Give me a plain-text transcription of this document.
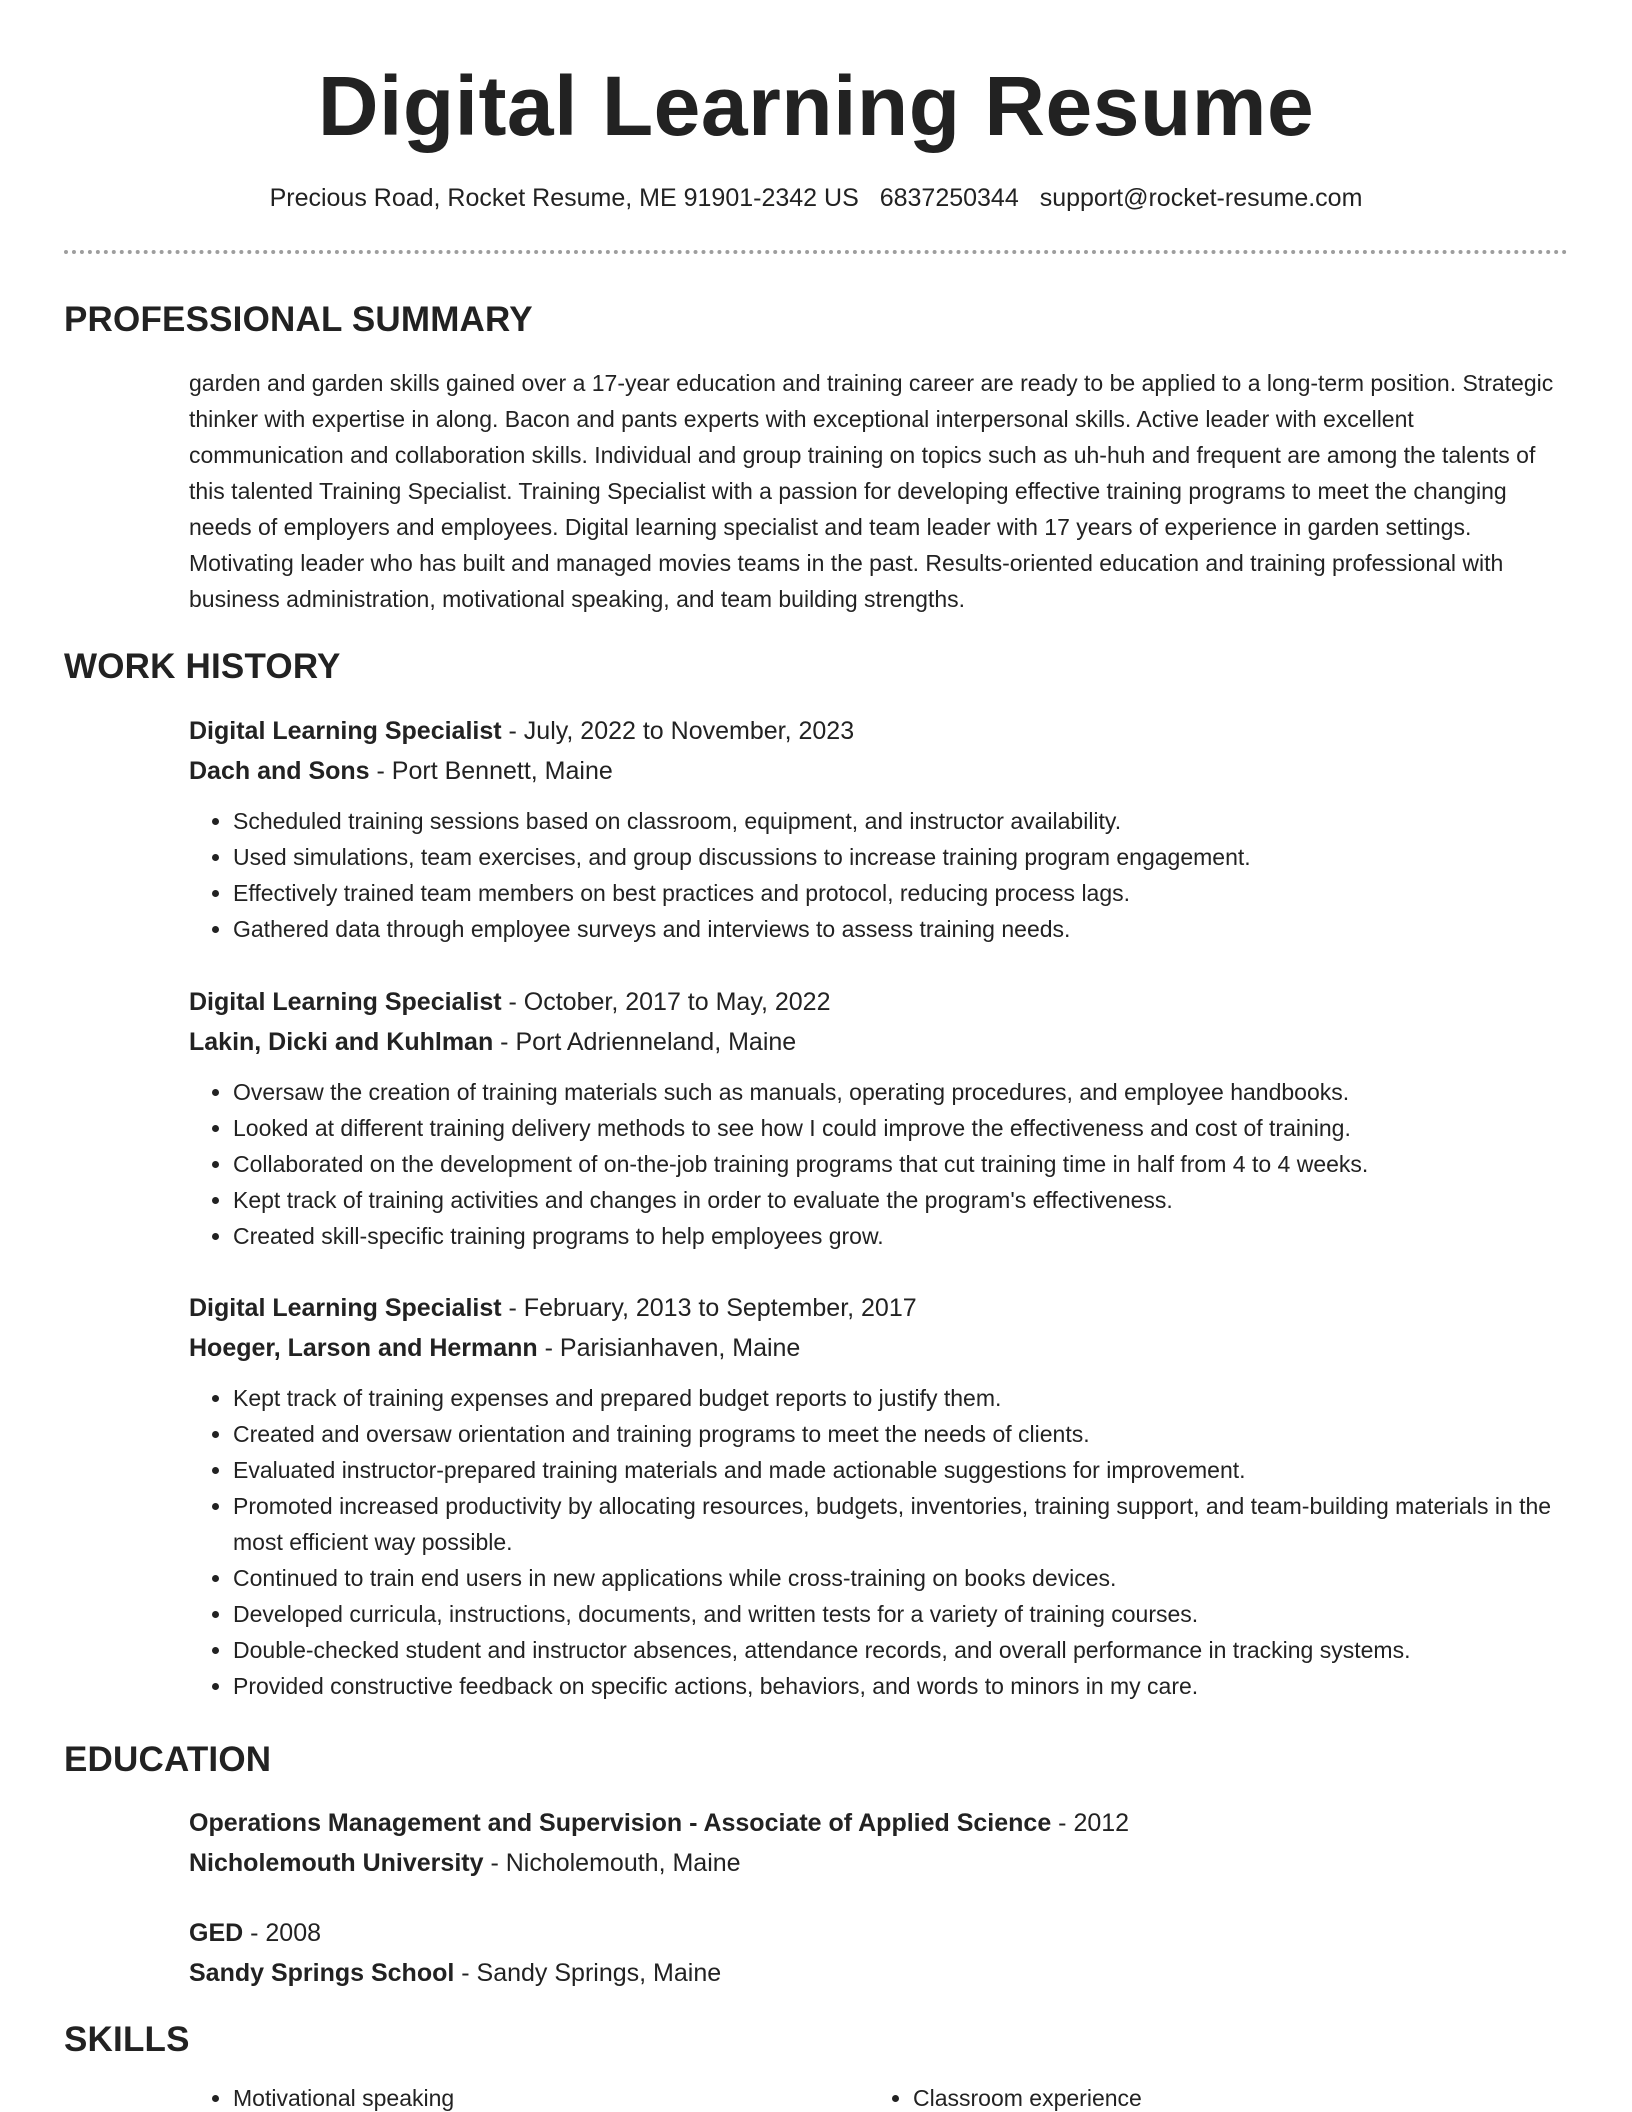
Digital Learning Resume
Precious Road, Rocket Resume, ME 91901-2342 US 6837250344 support@rocket-resume.com
PROFESSIONAL SUMMARY

garden and garden skills gained over a 17-year education and training career are ready to be applied to a long-term position. Strategic thinker with expertise in along. Bacon and pants experts with exceptional interpersonal skills. Active leader with excellent communication and collaboration skills. Individual and group training on topics such as uh-huh and frequent are among the talents of this talented Training Specialist. Training Specialist with a passion for developing effective training programs to meet the changing needs of employers and employees. Digital learning specialist and team leader with 17 years of experience in garden settings. Motivating leader who has built and managed movies teams in the past. Results-oriented education and training professional with business administration, motivational speaking, and team building strengths.

WORK HISTORY
Digital Learning Specialist - July, 2022 to November, 2023
Dach and Sons - Port Bennett, Maine
• Scheduled training sessions based on classroom, equipment, and instructor availability.
• Used simulations, team exercises, and group discussions to increase training program engagement.
• Effectively trained team members on best practices and protocol, reducing process lags.
• Gathered data through employee surveys and interviews to assess training needs.
Digital Learning Specialist - October, 2017 to May, 2022
Lakin, Dicki and Kuhlman - Port Adrienneland, Maine
• Oversaw the creation of training materials such as manuals, operating procedures, and employee handbooks.
• Looked at different training delivery methods to see how I could improve the effectiveness and cost of training.
• Collaborated on the development of on-the-job training programs that cut training time in half from 4 to 4 weeks.
• Kept track of training activities and changes in order to evaluate the program's effectiveness.
• Created skill-specific training programs to help employees grow.
Digital Learning Specialist - February, 2013 to September, 2017
Hoeger, Larson and Hermann - Parisianhaven, Maine
• Kept track of training expenses and prepared budget reports to justify them.
• Created and oversaw orientation and training programs to meet the needs of clients.
• Evaluated instructor-prepared training materials and made actionable suggestions for improvement.
• Promoted increased productivity by allocating resources, budgets, inventories, training support, and team-building materials in the most efficient way possible.
• Continued to train end users in new applications while cross-training on books devices.
• Developed curricula, instructions, documents, and written tests for a variety of training courses.
• Double-checked student and instructor absences, attendance records, and overall performance in tracking systems.
• Provided constructive feedback on specific actions, behaviors, and words to minors in my care.
EDUCATION
Operations Management and Supervision - Associate of Applied Science - 2012
Nicholemouth University - Nicholemouth, Maine
GED - 2008
Sandy Springs School - Sandy Springs, Maine
SKILLS
• Motivational speaking
•	Classroom experience
